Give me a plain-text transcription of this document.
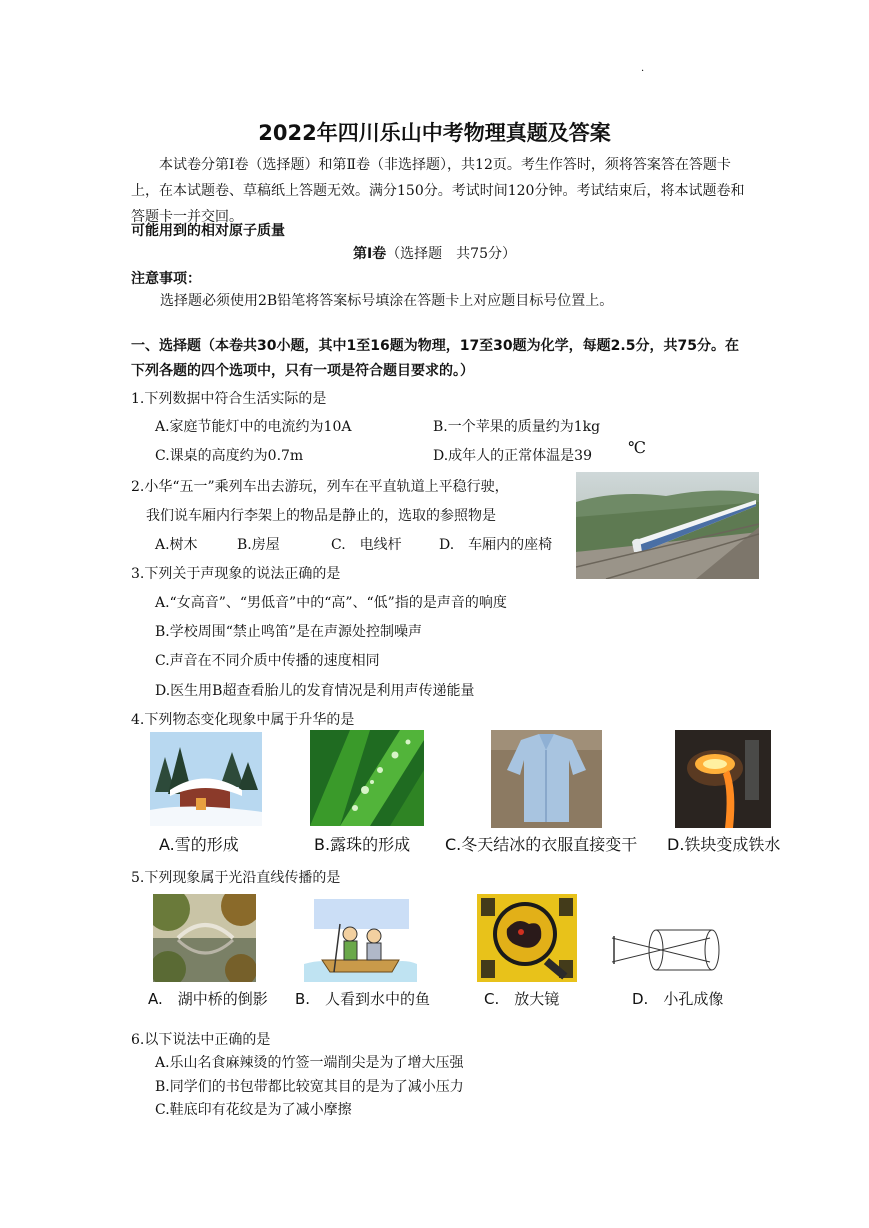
·
2022年四川乐山中考物理真题及答案

本试卷分第Ⅰ卷（选择题）和第Ⅱ卷（非选择题），共12页。考生作答时，须将答案答在答题卡上，在本试题卷、草稿纸上答题无效。满分150分。考试时间120分钟。考试结束后，将本试题卷和答题卡一并交回。

可能用到的相对原子质量
第Ⅰ卷（选择题　共75分）
注意事项：
选择题必须使用2B铅笔将答案标号填涂在答题卡上对应题目标号位置上。
一、选择题（本卷共30小题，其中1至16题为物理，17至30题为化学，每题2.5分，共75分。在下列各题的四个选项中，只有一项是符合题目要求的。）
1.下列数据中符合生活实际的是
A.家庭节能灯中的电流约为10A	B.一个苹果的质量约为1kg
C.课桌的高度约为0.7m	D.成年人的正常体温是39 ℃
2.小华“五一”乘列车出去游玩，列车在平直轨道上平稳行驶，
我们说车厢内行李架上的物品是静止的，选取的参照物是
A.树木	B.房屋	C.　电线杆	D.　车厢内的座椅
3.下列关于声现象的说法正确的是
A.“女高音”、“男低音”中的“高”、“低”指的是声音的响度
B.学校周围“禁止鸣笛”是在声源处控制噪声
C.声音在不同介质中传播的速度相同
D.医生用B超查看胎儿的发育情况是利用声传递能量
4.下列物态变化现象中属于升华的是
A.雪的形成	B.露珠的形成 C.冬天结冰的衣服直接变干 D.铁块变成铁水
5.下列现象属于光沿直线传播的是
A.　湖中桥的倒影 B.　人看到水中的鱼	C.　放大镜	D.　小孔成像
6.以下说法中正确的是
A.乐山名食麻辣烫的竹签一端削尖是为了增大压强
B.同学们的书包带都比较宽其目的是为了减小压力
C.鞋底印有花纹是为了减小摩擦
